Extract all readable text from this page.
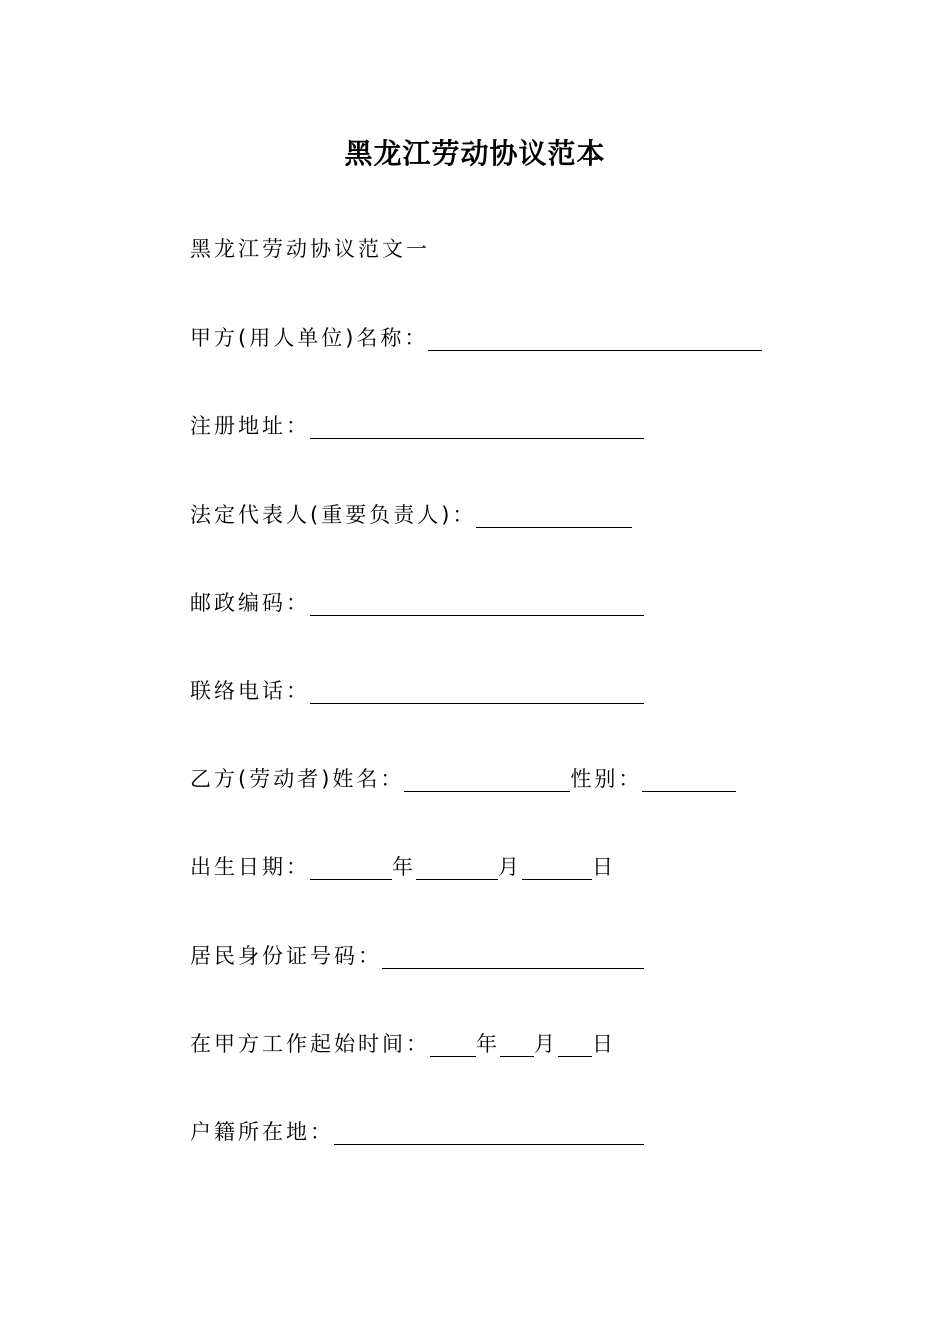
黑龙江劳动协议范本
黑龙江劳动协议范文一
甲方(用人单位)名称：
注册地址：
法定代表人(重要负责人)：
邮政编码：
联络电话：
乙方(劳动者)姓名：	性别：
出生日期：	年	月	日
居民身份证号码：
在甲方工作起始时间： 年 月 日
户籍所在地：
